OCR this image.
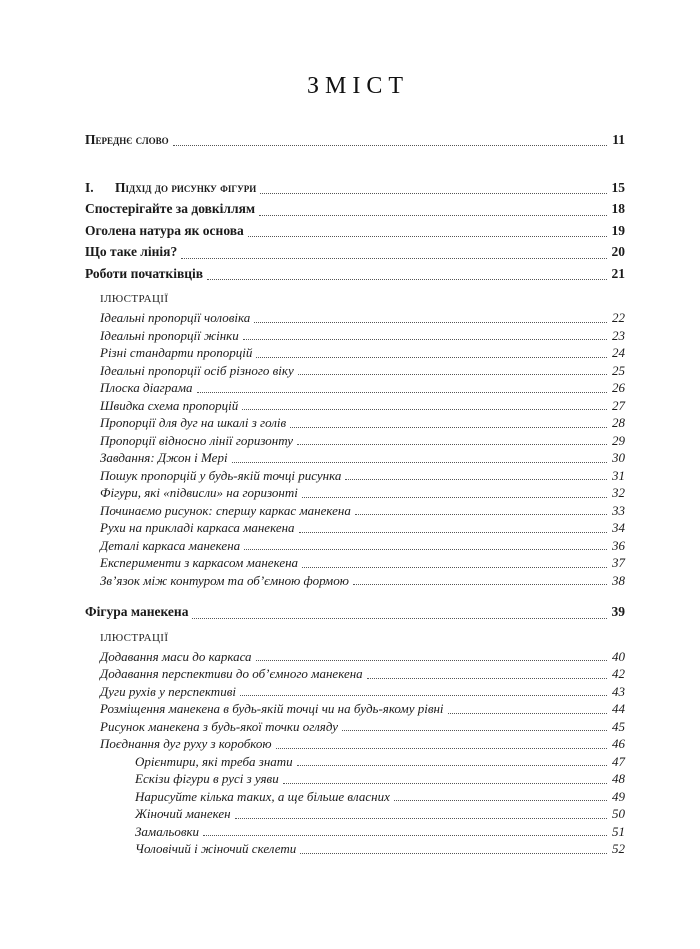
ЗМІСТ
Переднє слово	11
I.	Підхід до рисунку фігури	15
Спостерігайте за довкіллям	18
Оголена натура як основа	19
Що таке лінія?	20
Роботи початківців	21
ІЛЮСТРАЦІЇ
Ідеальні пропорції чоловіка	22
Ідеальні пропорції жінки	23
Різні стандарти пропорцій	24
Ідеальні пропорції осіб різного віку	25
Плоска діаграма	26
Швидка схема пропорцій	27
Пропорції для дуг на шкалі з голів	28
Пропорції відносно лінії горизонту	29
Завдання: Джон і Мері	30
Пошук пропорцій у будь-якій точці рисунка	31
Фігури, які «підвисли» на горизонті	32
Починаємо рисунок: спершу каркас манекена	33
Рухи на прикладі каркаса манекена	34
Деталі каркаса манекена	36
Експерименти з каркасом манекена	37
Зв’язок між контуром та об’ємною формою	38
Фігура манекена	39
ІЛЮСТРАЦІЇ
Додавання маси до каркаса	40
Додавання перспективи до об’ємного манекена	42
Дуги рухів у перспективі	43
Розміщення манекена в будь-якій точці чи на будь-якому рівні	44
Рисунок манекена з будь-якої точки огляду	45
Поєднання дуг руху з коробкою	46
Орієнтири, які треба знати	47
Ескізи фігури в русі з уяви	48
Нарисуйте кілька таких, а ще більше власних	49
Жіночий манекен	50
Замальовки	51
Чоловічий і жіночий скелети	52
